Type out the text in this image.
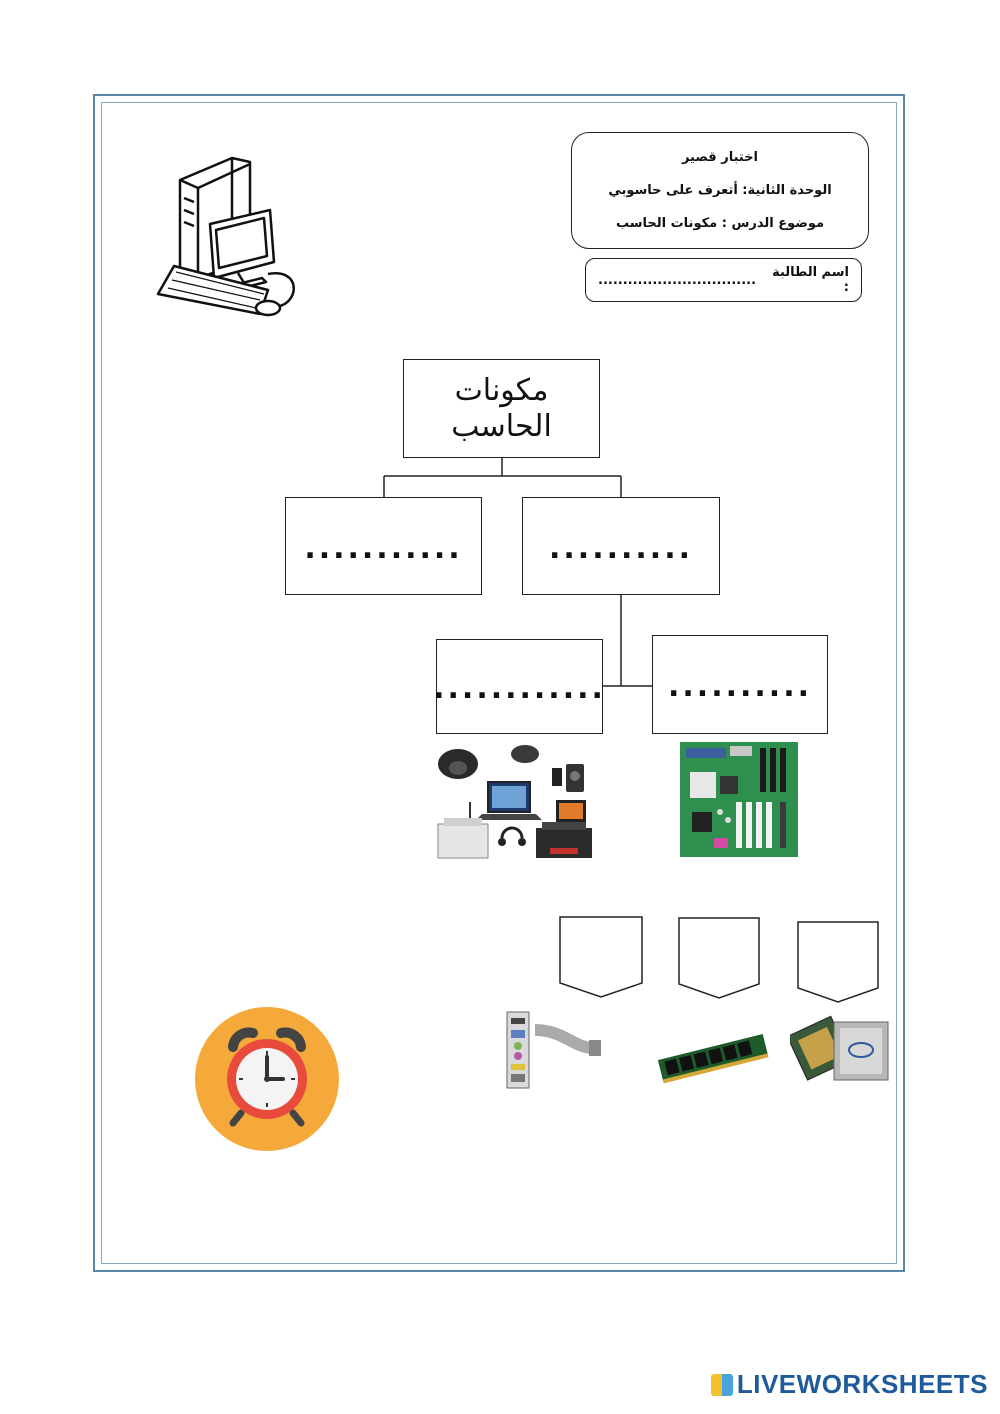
اختبار قصير
الوحدة الثانية: أتعرف على حاسوبي
موضوع الدرس : مكونات الحاسب
اسم الطالبة :
................................
مكونات الحاسب
...........	..........
............ ..........
LIVEWORKSHEETS
